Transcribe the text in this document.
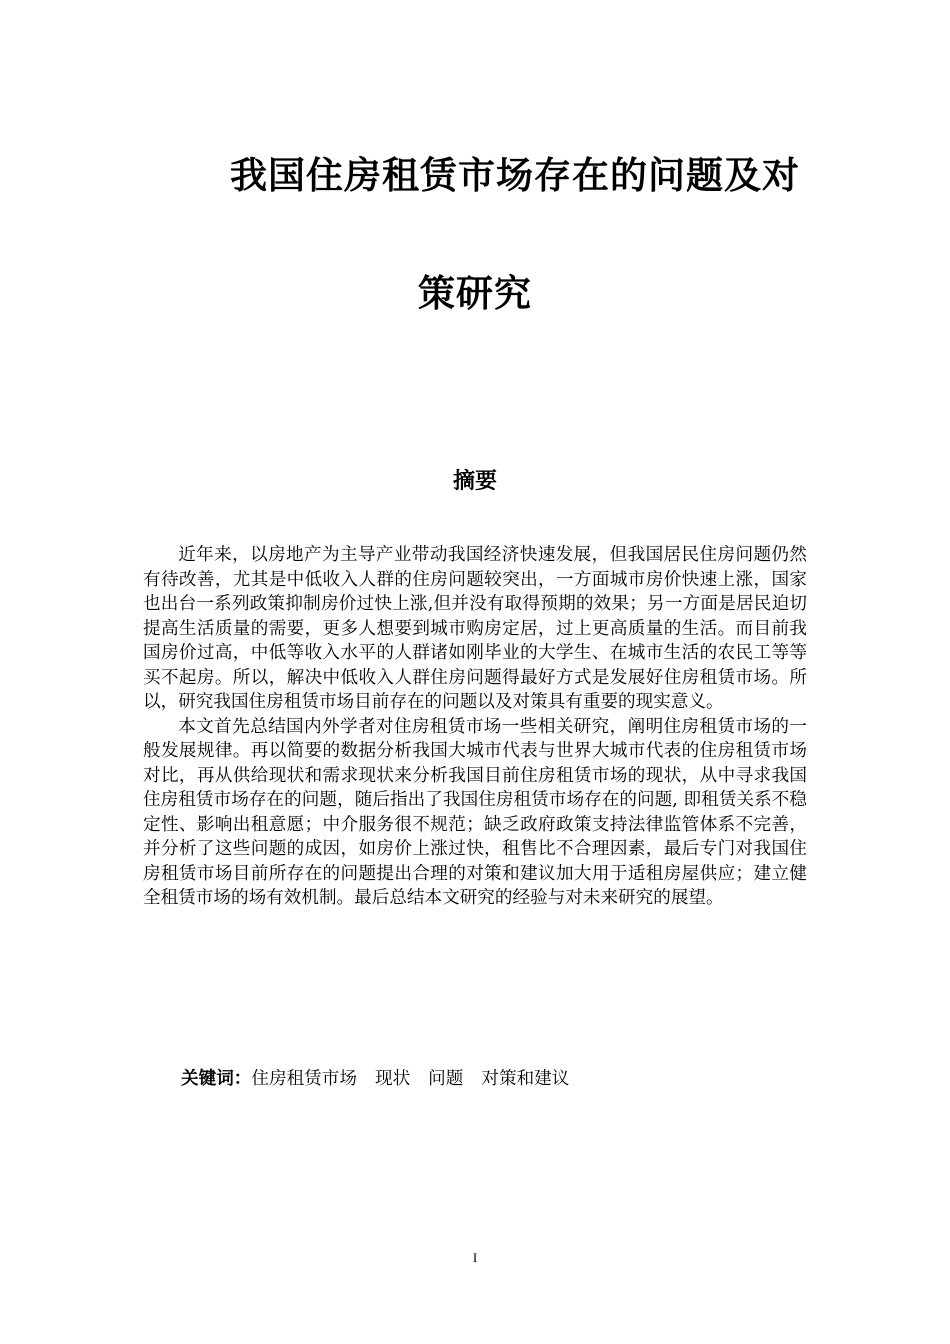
我国住房租赁市场存在的问题及对
策研究
摘要

近年来，以房地产为主导产业带动我国经济快速发展，但我国居民住房问题仍然有待改善，尤其是中低收入人群的住房问题较突出，一方面城市房价快速上涨，国家也出台一系列政策抑制房价过快上涨,但并没有取得预期的效果；另一方面是居民迫切提高生活质量的需要，更多人想要到城市购房定居，过上更高质量的生活。而目前我国房价过高，中低等收入水平的人群诸如刚毕业的大学生、在城市生活的农民工等等买不起房。所以，解决中低收入人群住房问题得最好方式是发展好住房租赁市场。所以，研究我国住房租赁市场目前存在的问题以及对策具有重要的现实意义。

本文首先总结国内外学者对住房租赁市场一些相关研究，阐明住房租赁市场的一般发展规律。再以简要的数据分析我国大城市代表与世界大城市代表的住房租赁市场对比，再从供给现状和需求现状来分析我国目前住房租赁市场的现状，从中寻求我国住房租赁市场存在的问题，随后指出了我国住房租赁市场存在的问题, 即租赁关系不稳定性、影响出租意愿；中介服务很不规范；缺乏政府政策支持法律监管体系不完善，并分析了这些问题的成因，如房价上涨过快，租售比不合理因素，最后专门对我国住房租赁市场目前所存在的问题提出合理的对策和建议加大用于适租房屋供应；建立健全租赁市场的场有效机制。最后总结本文研究的经验与对未来研究的展望。

关键词：住房租赁市场 现状 问题 对策和建议
I
